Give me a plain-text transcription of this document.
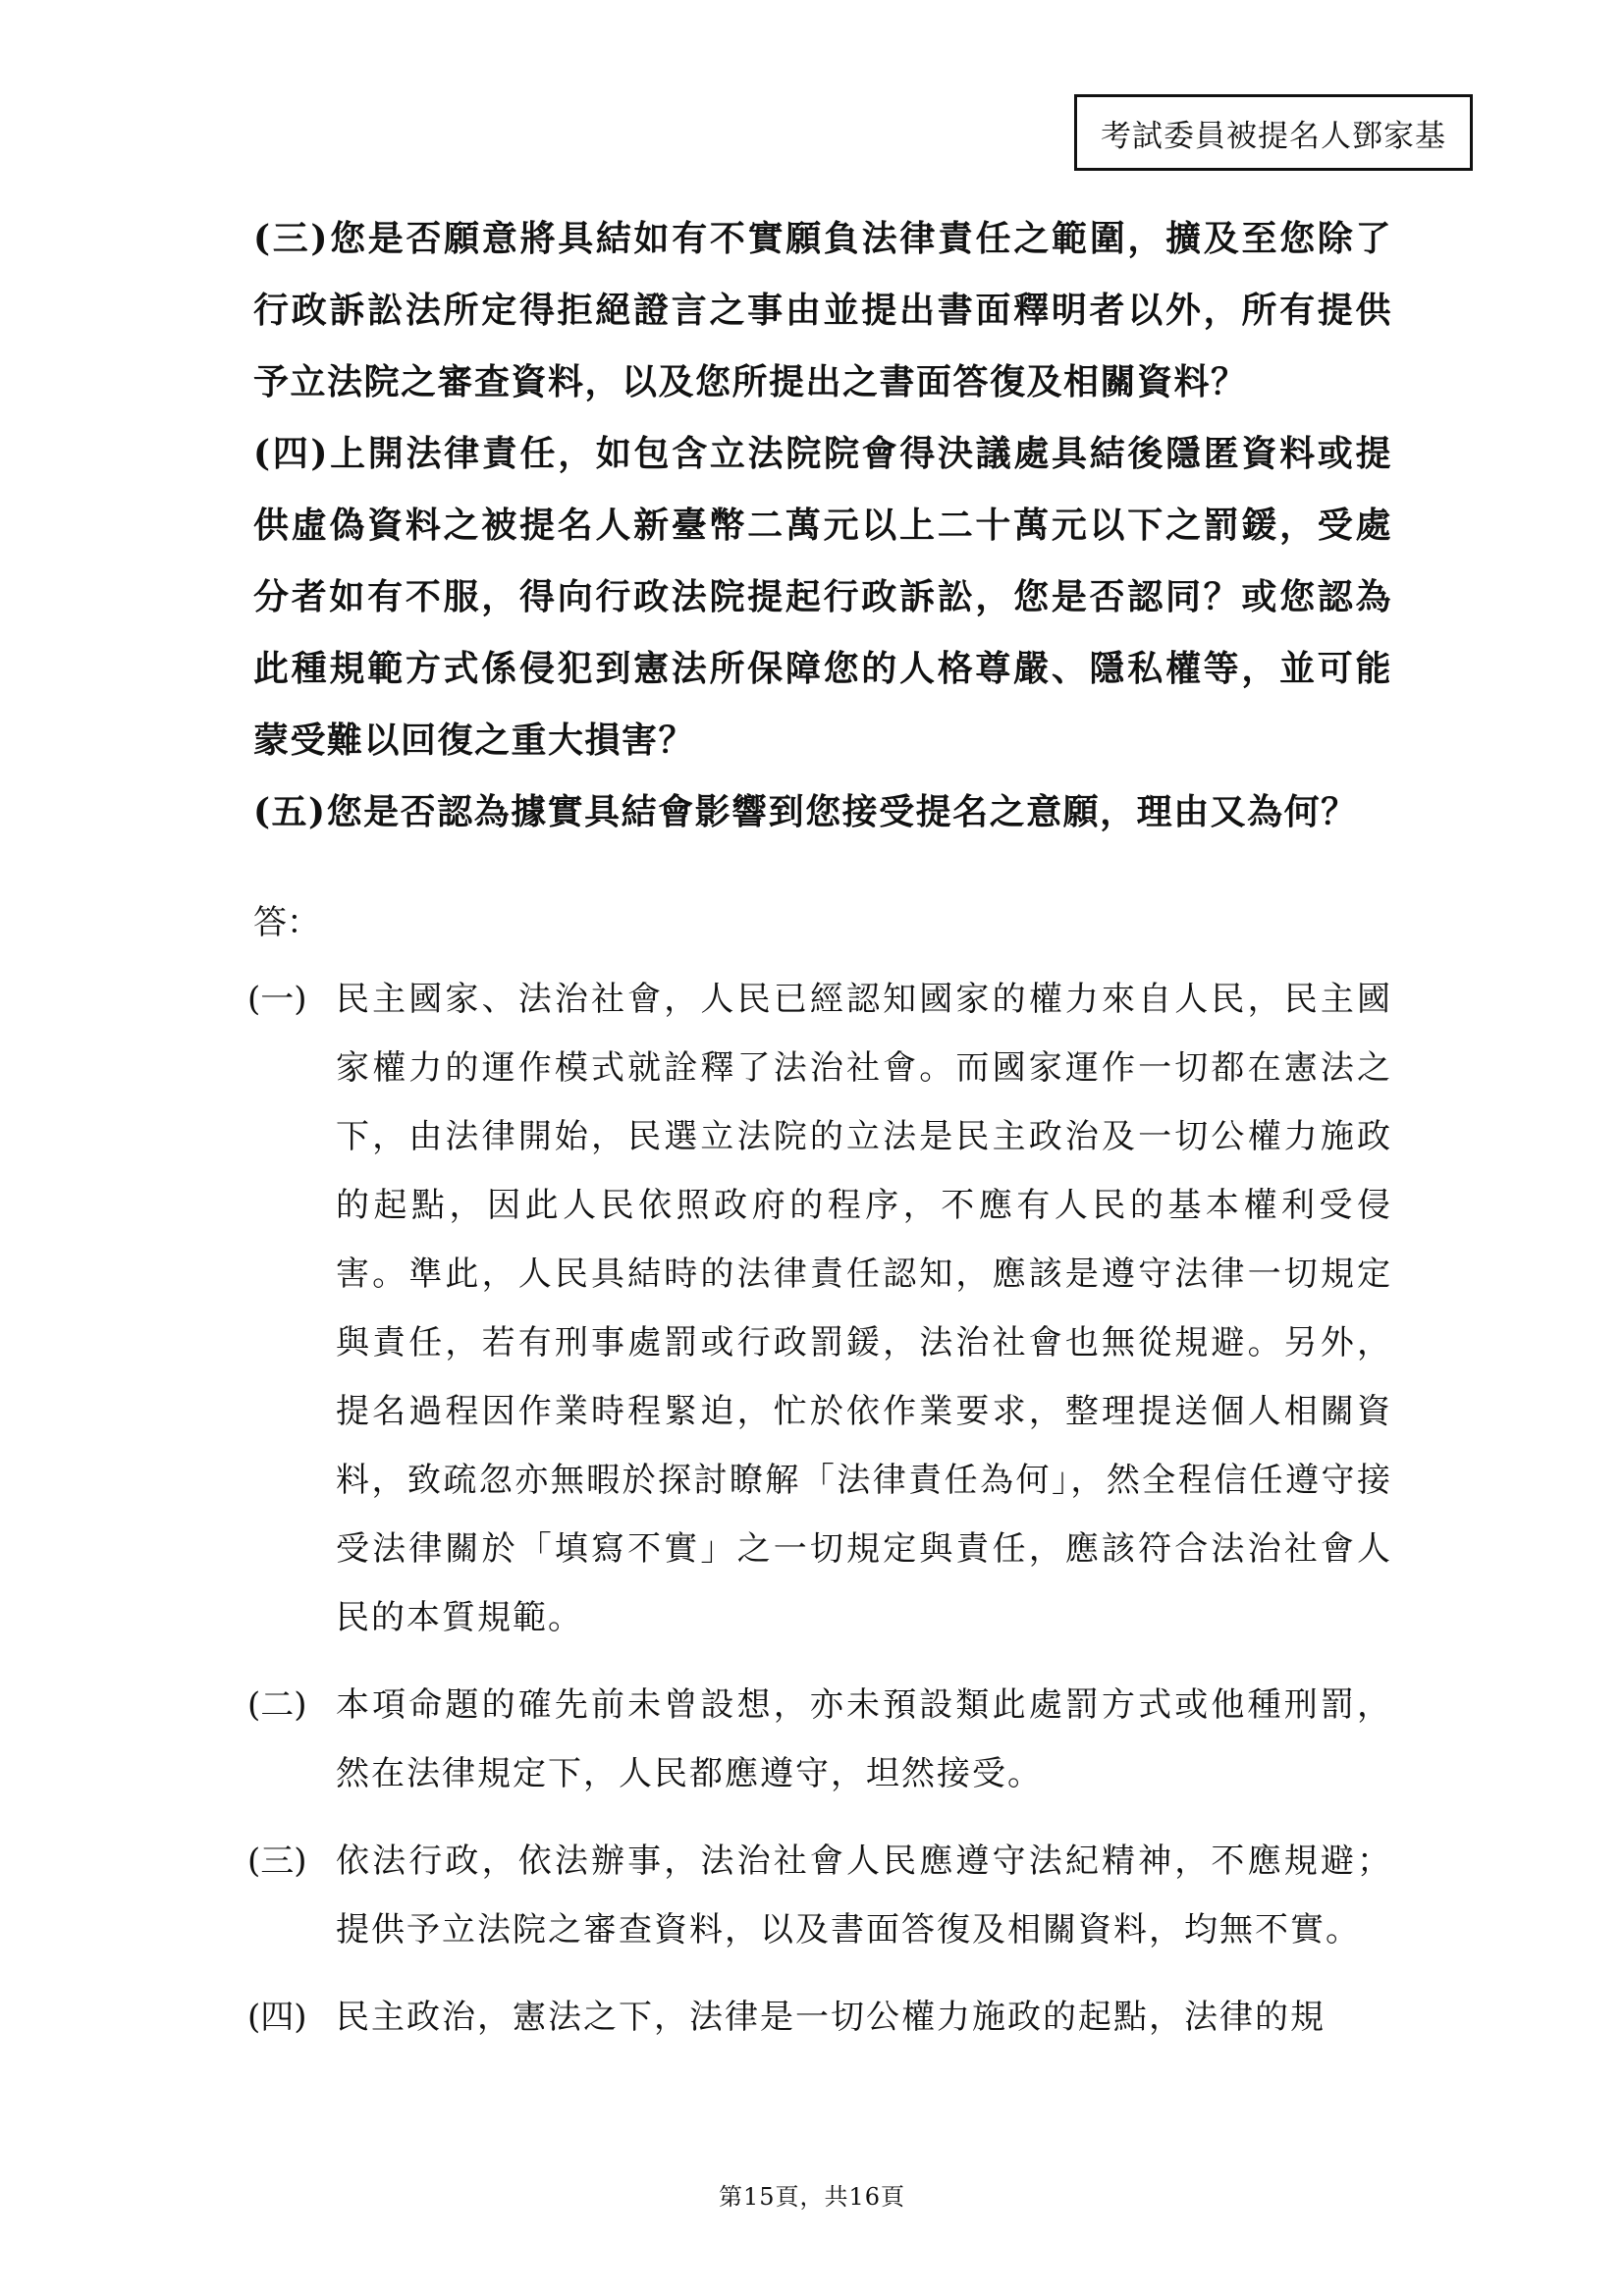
考試委員被提名人鄧家基

(三)您是否願意將具結如有不實願負法律責任之範圍，擴及至您除了行政訴訟法所定得拒絕證言之事由並提出書面釋明者以外，所有提供予立法院之審查資料，以及您所提出之書面答復及相關資料？

(四)上開法律責任，如包含立法院院會得決議處具結後隱匿資料或提供虛偽資料之被提名人新臺幣二萬元以上二十萬元以下之罰鍰，受處分者如有不服，得向行政法院提起行政訴訟，您是否認同？或您認為此種規範方式係侵犯到憲法所保障您的人格尊嚴、隱私權等，並可能蒙受難以回復之重大損害？

(五)您是否認為據實具結會影響到您接受提名之意願，理由又為何？

答：
(一) 民主國家、法治社會，人民已經認知國家的權力來自人民，民主國家權力的運作模式就詮釋了法治社會。而國家運作一切都在憲法之下，由法律開始，民選立法院的立法是民主政治及一切公權力施政的起點，因此人民依照政府的程序，不應有人民的基本權利受侵害。準此，人民具結時的法律責任認知，應該是遵守法律一切規定與責任，若有刑事處罰或行政罰鍰，法治社會也無從規避。另外，提名過程因作業時程緊迫，忙於依作業要求，整理提送個人相關資料，致疏忽亦無暇於探討瞭解「法律責任為何」，然全程信任遵守接受法律關於「填寫不實」之一切規定與責任，應該符合法治社會人民的本質規範。
(二) 本項命題的確先前未曾設想，亦未預設類此處罰方式或他種刑罰，然在法律規定下，人民都應遵守，坦然接受。
(三) 依法行政，依法辦事，法治社會人民應遵守法紀精神，不應規避；提供予立法院之審查資料，以及書面答復及相關資料，均無不實。
(四) 民主政治，憲法之下，法律是一切公權力施政的起點，法律的規
第15頁，共16頁
